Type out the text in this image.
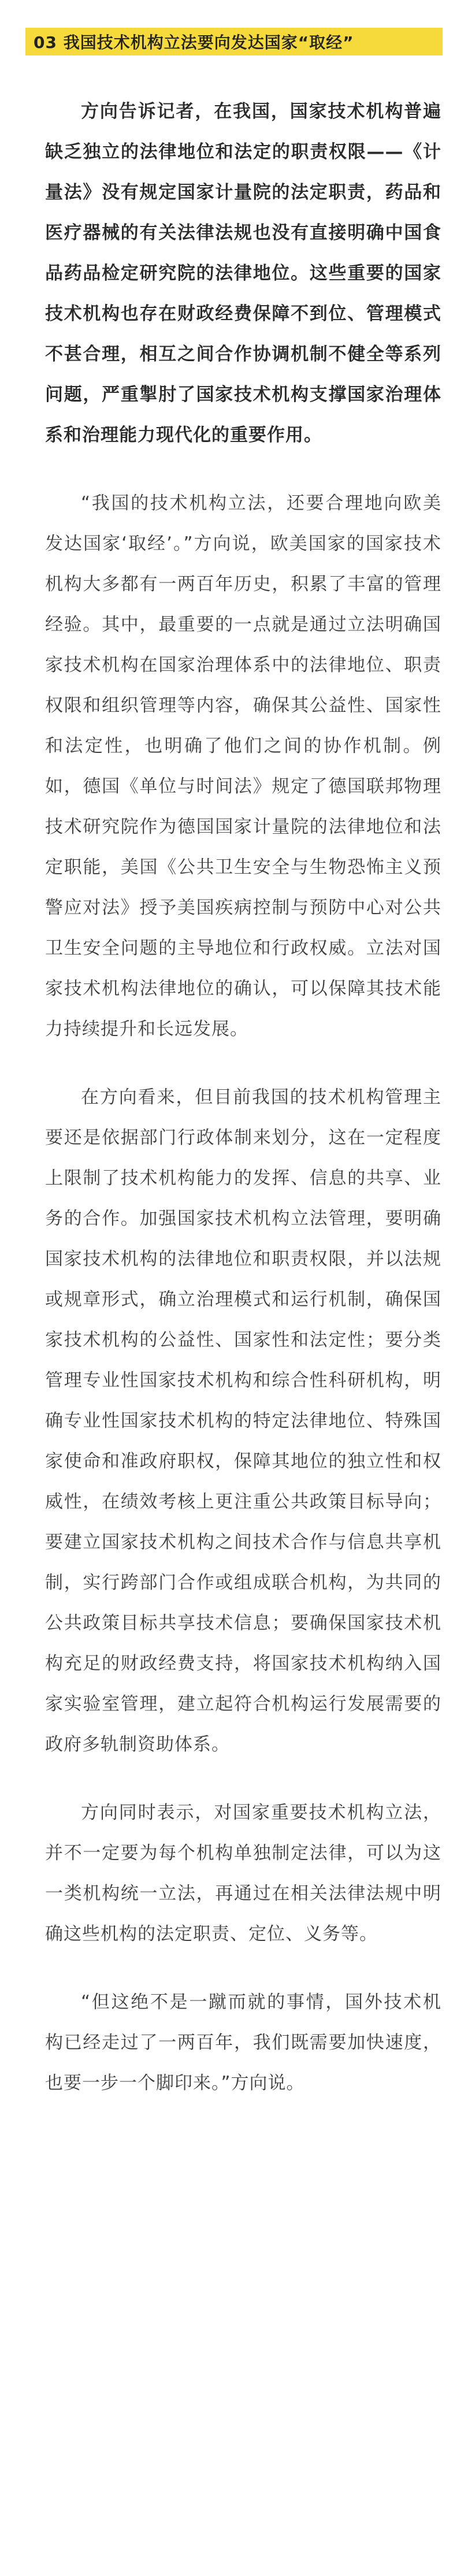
03 我国技术机构立法要向发达国家“取经”

方向告诉记者，在我国，国家技术机构普遍缺乏独立的法律地位和法定的职责权限——《计量法》没有规定国家计量院的法定职责，药品和医疗器械的有关法律法规也没有直接明确中国食品药品检定研究院的法律地位。这些重要的国家技术机构也存在财政经费保障不到位、管理模式不甚合理，相互之间合作协调机制不健全等系列问题，严重掣肘了国家技术机构支撑国家治理体系和治理能力现代化的重要作用。

“我国的技术机构立法，还要合理地向欧美发达国家‘取经’。”方向说，欧美国家的国家技术机构大多都有一两百年历史，积累了丰富的管理经验。其中，最重要的一点就是通过立法明确国家技术机构在国家治理体系中的法律地位、职责权限和组织管理等内容，确保其公益性、国家性和法定性，也明确了他们之间的协作机制。例如，德国《单位与时间法》规定了德国联邦物理技术研究院作为德国国家计量院的法律地位和法定职能，美国《公共卫生安全与生物恐怖主义预警应对法》授予美国疾病控制与预防中心对公共卫生安全问题的主导地位和行政权威。立法对国家技术机构法律地位的确认，可以保障其技术能力持续提升和长远发展。

在方向看来，但目前我国的技术机构管理主要还是依据部门行政体制来划分，这在一定程度上限制了技术机构能力的发挥、信息的共享、业务的合作。加强国家技术机构立法管理，要明确国家技术机构的法律地位和职责权限，并以法规或规章形式，确立治理模式和运行机制，确保国家技术机构的公益性、国家性和法定性；要分类管理专业性国家技术机构和综合性科研机构，明确专业性国家技术机构的特定法律地位、特殊国家使命和准政府职权，保障其地位的独立性和权威性，在绩效考核上更注重公共政策目标导向；要建立国家技术机构之间技术合作与信息共享机制，实行跨部门合作或组成联合机构，为共同的公共政策目标共享技术信息；要确保国家技术机构充足的财政经费支持，将国家技术机构纳入国家实验室管理，建立起符合机构运行发展需要的政府多轨制资助体系。

方向同时表示，对国家重要技术机构立法，并不一定要为每个机构单独制定法律，可以为这一类机构统一立法，再通过在相关法律法规中明确这些机构的法定职责、定位、义务等。

“但这绝不是一蹴而就的事情，国外技术机构已经走过了一两百年，我们既需要加快速度，也要一步一个脚印来。”方向说。
